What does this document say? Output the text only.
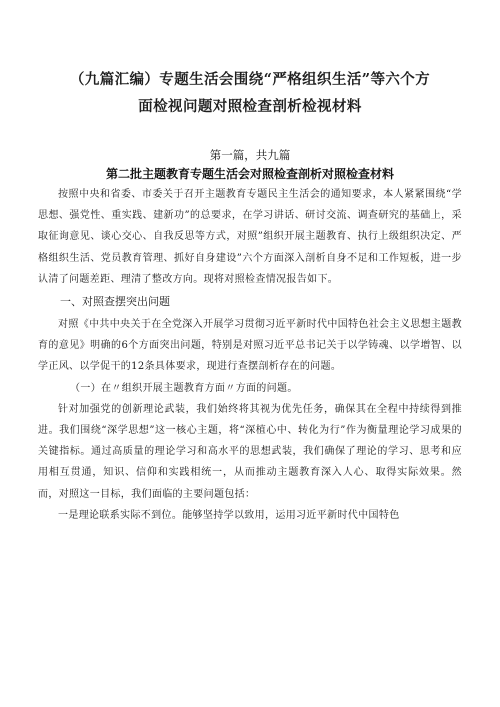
（九篇汇编）专题生活会围绕“严格组织生活”等六个方
面检视问题对照检查剖析检视材料
第一篇，共九篇
第二批主题教育专题生活会对照检查剖析对照检查材料

按照中央和省委、市委关于召开主题教育专题民主生活会的通知要求，本人紧紧围绕“学思想、强党性、重实践、建新功”的总要求，在学习讲话、研讨交流、调查研究的基础上，采取征询意见、谈心交心、自我反思等方式，对照”组织开展主题教育、执行上级组织决定、严格组织生活、党员教育管理、抓好自身建设”六个方面深入剖析自身不足和工作短板，进一步认清了问题差距、理清了整改方向。现将对照检查情况报告如下。

一、对照查摆突出问题

对照《中共中央关于在全党深入开展学习贯彻习近平新时代中国特色社会主义思想主题教育的意见》明确的6个方面突出问题，特别是对照习近平总书记关于以学铸魂、以学增智、以学正风、以学促干的12条具体要求，现进行查摆剖析存在的问题。

（一）在〃组织开展主题教育方面〃方面的问题。

针对加强党的创新理论武装，我们始终将其视为优先任务，确保其在全程中持续得到推进。我们围绕“深学思想”这一核心主题，将“深植心中、转化为行”作为衡量理论学习成果的关键指标。通过高质量的理论学习和高水平的思想武装，我们确保了理论的学习、思考和应用相互贯通，知识、信仰和实践相统一，从而推动主题教育深入人心、取得实际效果。然而，对照这一目标，我们面临的主要问题包括：

一是理论联系实际不到位。能够坚持学以致用，运用习近平新时代中国特色
